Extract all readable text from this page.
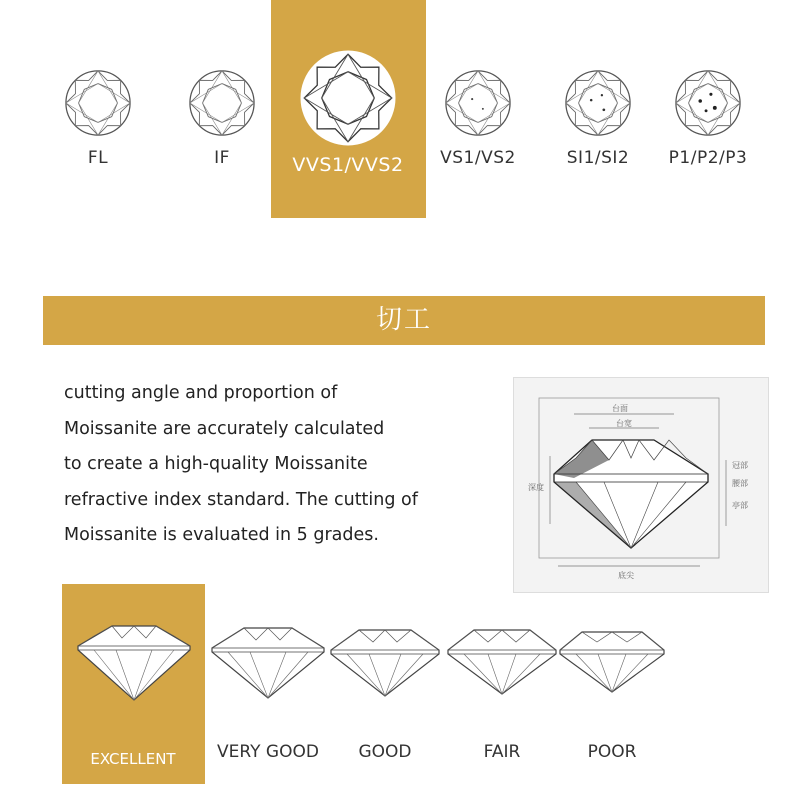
FL	IF	VVS1/VVS2	VS1/VS2	SI1/SI2	P1/P2/P3
切工
cutting angle and proportion of
Moissanite are accurately calculated
to create a high-quality Moissanite
refractive index standard. The cutting of
Moissanite is evaluated in 5 grades.
台面
台宽
深度
冠部
腰部
亭部
底尖
EXCELLENT	VERY GOOD	GOOD	FAIR	POOR
